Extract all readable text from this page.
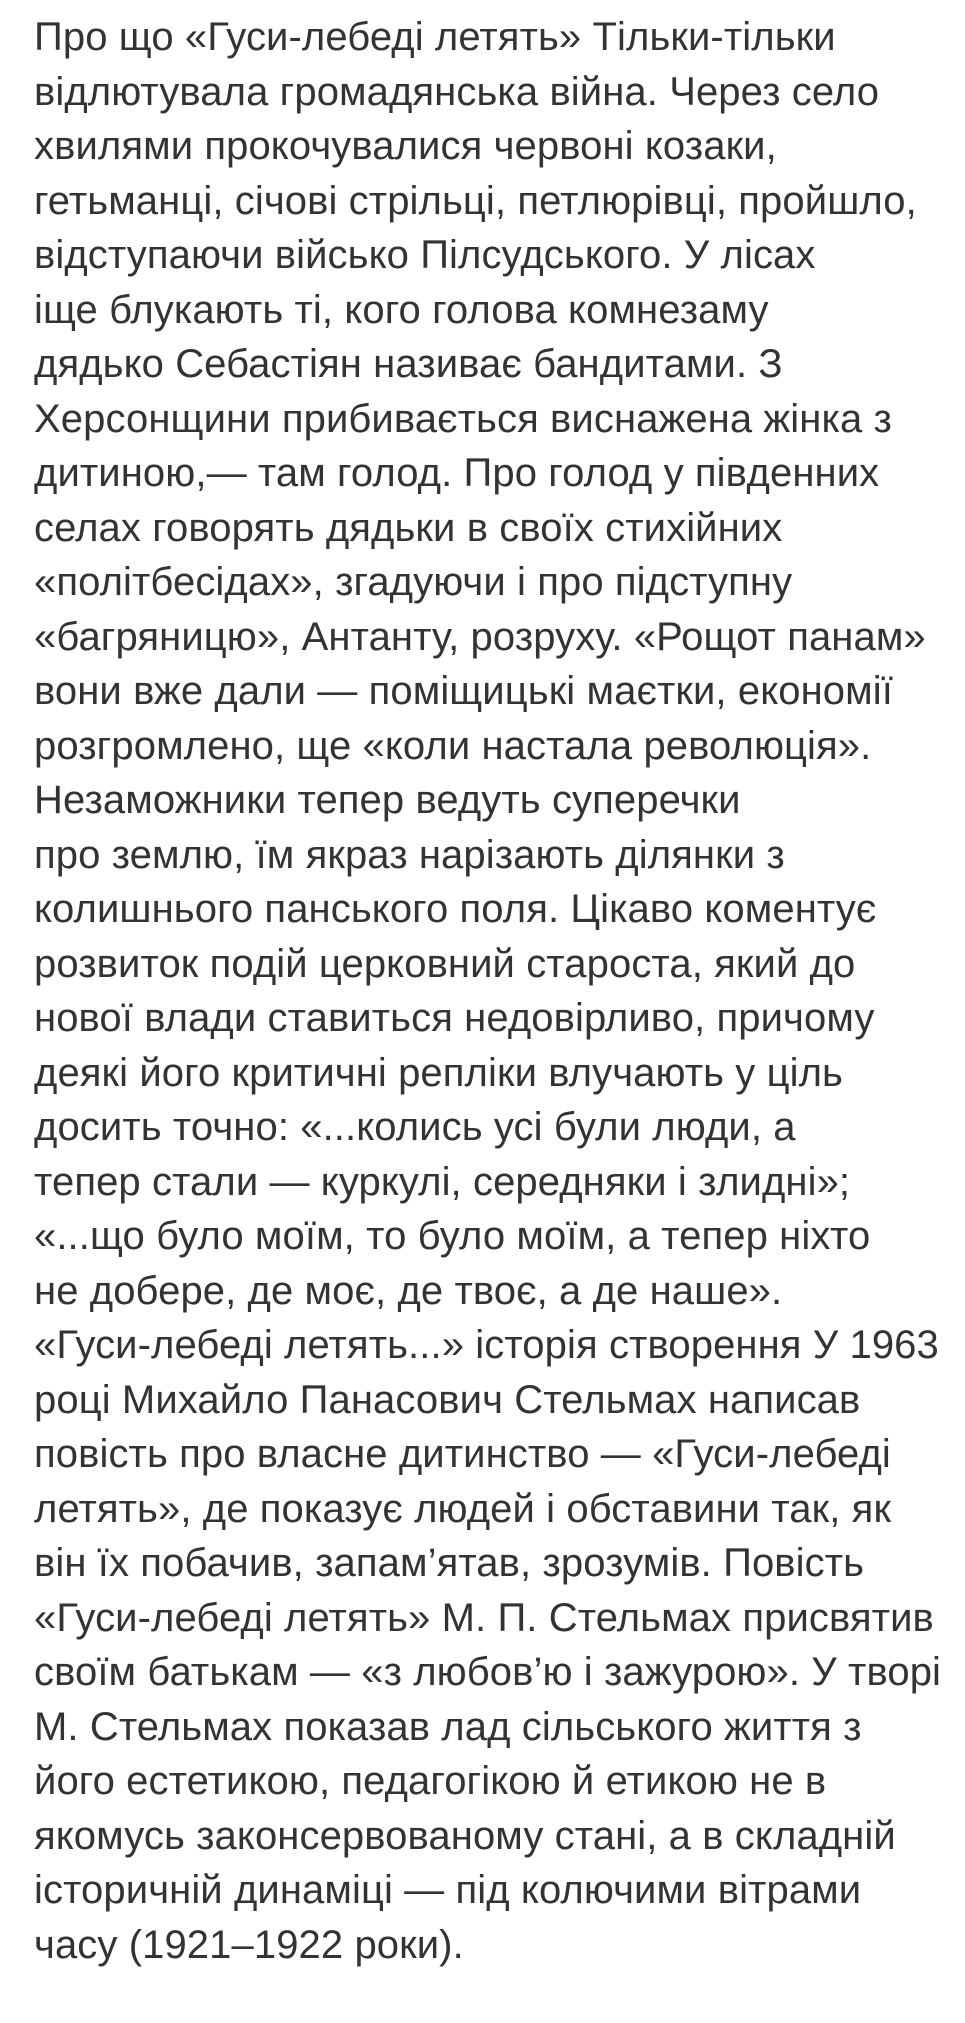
Про що «Гуси-лебеді летять» Тільки-тільки
відлютувала громадянська війна. Через село
хвилями прокочувалися червоні козаки,
гетьманці, січові стрільці, петлюрівці, пройшло,
відступаючи військо Пілсудського. У лісах
іще блукають ті, кого голова комнезаму
дядько Себастіян називає бандитами. З
Херсонщини прибивається виснажена жінка з
дитиною,— там голод. Про голод у південних
селах говорять дядьки в своїх стихійних
«політбесідах», згадуючи і про підступну
«багряницю», Антанту, розруху. «Рощот панам»
вони вже дали — поміщицькі маєтки, економії
розгромлено, ще «коли настала революція».
Незаможники тепер ведуть суперечки
про землю, їм якраз нарізають ділянки з
колишнього панського поля. Цікаво коментує
розвиток подій церковний староста, який до
нової влади ставиться недовірливо, причому
деякі його критичні репліки влучають у ціль
досить точно: «...колись усі були люди, а
тепер стали — куркулі, середняки і злидні»;
«...що було моїм, то було моїм, а тепер ніхто
не добере, де моє, де твоє, а де наше».
«Гуси-лебеді летять...» історія створення У 1963
році Михайло Панасович Стельмах написав
повість про власне дитинство — «Гуси-лебеді
летять», де показує людей і обставини так, як
він їх побачив, запам’ятав, зрозумів. Повість
«Гуси-лебеді летять» М. П. Стельмах присвятив
своїм батькам — «з любов’ю і зажурою». У творі
М. Стельмах показав лад сільського життя з
його естетикою, педагогікою й етикою не в
якомусь законсервованому стані, а в складній
історичній динаміці — під колючими вітрами
часу (1921–1922 роки).
